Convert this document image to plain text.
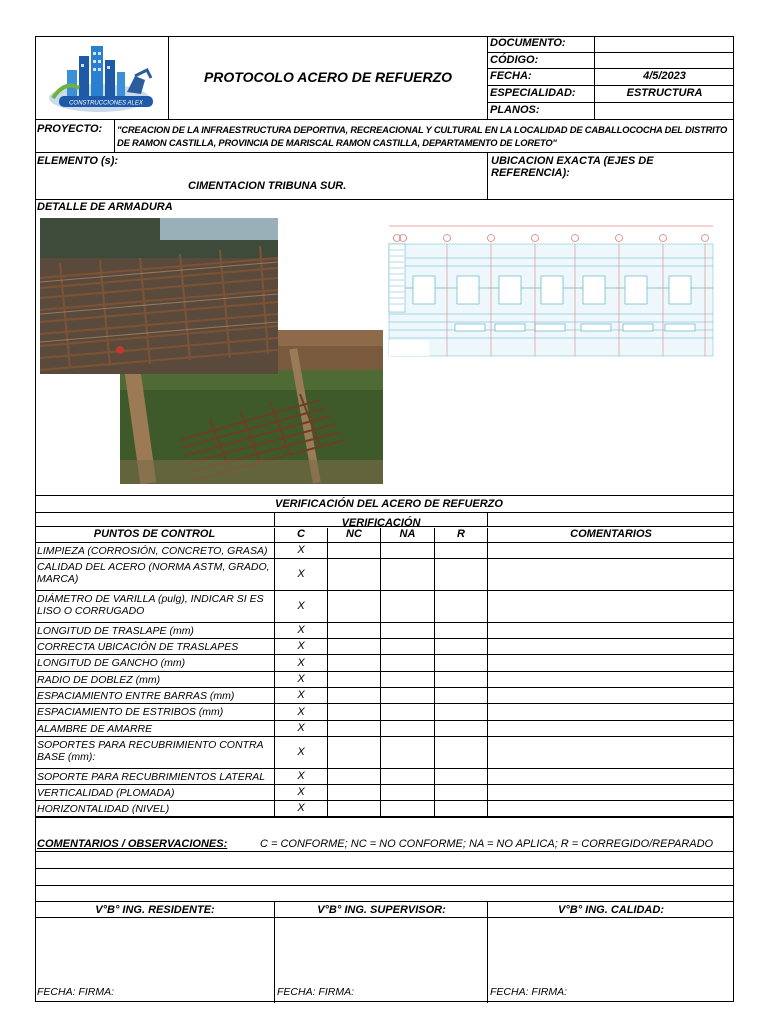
CONSTRUCCIONES ALEX
PROTOCOLO ACERO DE REFUERZO
DOCUMENTO:
CÓDIGO:
FECHA:	4/5/2023
ESPECIALIDAD:	ESTRUCTURA
PLANOS:
PROYECTO:	"CREACION DE LA INFRAESTRUCTURA DEPORTIVA, RECREACIONAL Y CULTURAL EN LA LOCALIDAD DE CABALLOCOCHA DEL DISTRITO
DE RAMON CASTILLA, PROVINCIA DE MARISCAL RAMON CASTILLA, DEPARTAMENTO DE LORETO"
ELEMENTO (s):
CIMENTACION TRIBUNA SUR.
UBICACION EXACTA (EJES DE REFERENCIA):
DETALLE DE ARMADURA
VERIFICACIÓN DEL ACERO DE REFUERZO
VERIFICACIÓN
PUNTOS DE CONTROL	C	NC	NA	R	COMENTARIOS
LIMPIEZA (CORROSIÓN, CONCRETO, GRASA)	X
CALIDAD DEL ACERO (NORMA ASTM, GRADO,
MARCA)	X
DIÁMETRO DE VARILLA (pulg), INDICAR SI ES
LISO O CORRUGADO	X
LONGITUD DE TRASLAPE (mm)	X
CORRECTA UBICACIÓN DE TRASLAPES	X
LONGITUD DE GANCHO (mm)	X
RADIO DE DOBLEZ (mm)	X
ESPACIAMIENTO ENTRE BARRAS (mm)	X
ESPACIAMIENTO DE ESTRIBOS (mm)	X
ALAMBRE DE AMARRE	X
SOPORTES PARA RECUBRIMIENTO CONTRA
BASE (mm):	X
SOPORTE PARA RECUBRIMIENTOS LATERAL	X
VERTICALIDAD (PLOMADA)	X
HORIZONTALIDAD (NIVEL)	X
COMENTARIOS / OBSERVACIONES:	C = CONFORME; NC = NO CONFORME; NA = NO APLICA; R = CORREGIDO/REPARADO
V°B° ING. RESIDENTE:
FECHA: FIRMA:
V°B° ING. SUPERVISOR:
FECHA: FIRMA:
V°B° ING. CALIDAD:
FECHA: FIRMA:
